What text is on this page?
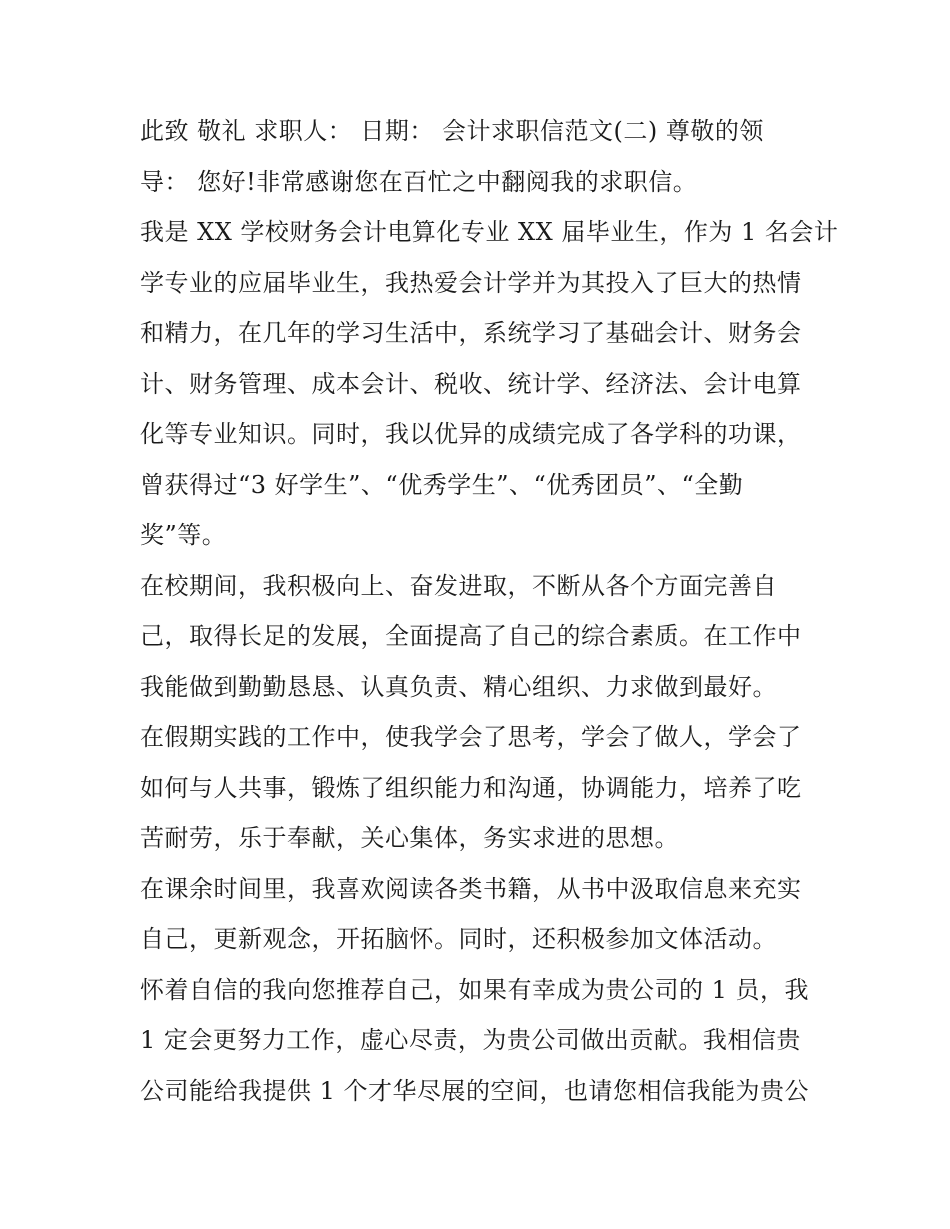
此致 敬礼 求职人： 日期： 会计求职信范文(二) 尊敬的领
导： 您好!非常感谢您在百忙之中翻阅我的求职信。
我是 XX 学校财务会计电算化专业 XX 届毕业生，作为 1 名会计
学专业的应届毕业生，我热爱会计学并为其投入了巨大的热情
和精力，在几年的学习生活中，系统学习了基础会计、财务会
计、财务管理、成本会计、税收、统计学、经济法、会计电算
化等专业知识。同时，我以优异的成绩完成了各学科的功课，
曾获得过“3 好学生”、“优秀学生”、“优秀团员”、“全勤
奖”等。
在校期间，我积极向上、奋发进取，不断从各个方面完善自
己，取得长足的发展，全面提高了自己的综合素质。在工作中
我能做到勤勤恳恳、认真负责、精心组织、力求做到最好。
在假期实践的工作中，使我学会了思考，学会了做人，学会了
如何与人共事，锻炼了组织能力和沟通，协调能力，培养了吃
苦耐劳，乐于奉献，关心集体，务实求进的思想。
在课余时间里，我喜欢阅读各类书籍，从书中汲取信息来充实
自己，更新观念，开拓脑怀。同时，还积极参加文体活动。
怀着自信的我向您推荐自己，如果有幸成为贵公司的 1 员，我
1 定会更努力工作，虚心尽责，为贵公司做出贡献。我相信贵
公司能给我提供 1 个才华尽展的空间，也请您相信我能为贵公
